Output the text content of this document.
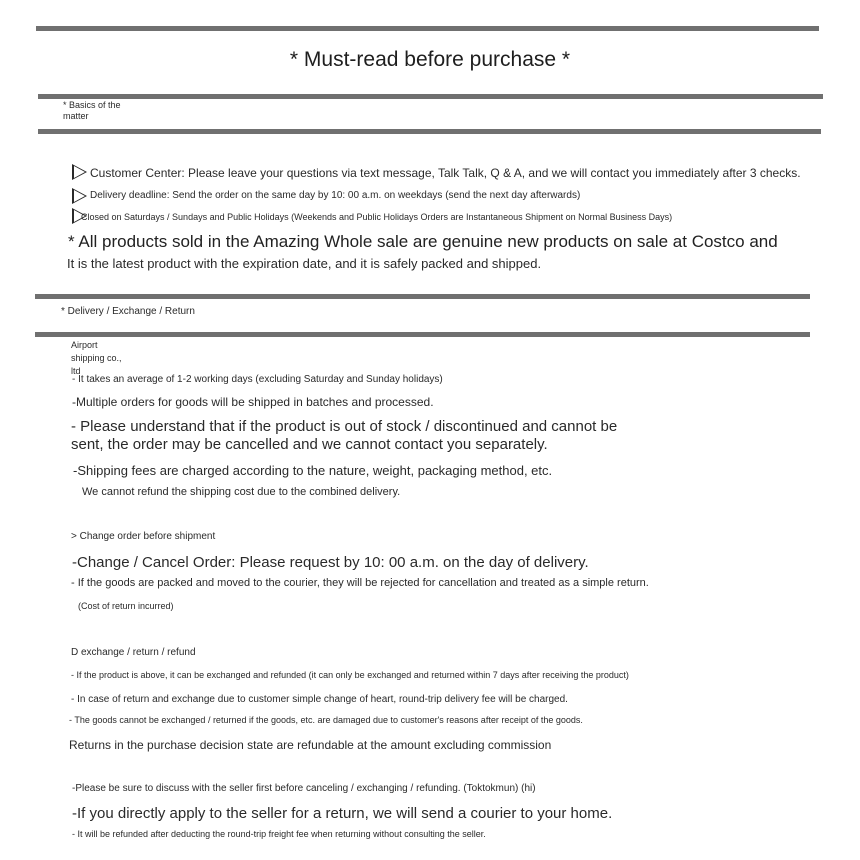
* Must-read before purchase *
* Basics of the matter
Customer Center: Please leave your questions via text message, Talk Talk, Q & A, and we will contact you immediately after 3 checks.
Delivery deadline: Send the order on the same day by 10: 00 a.m. on weekdays (send the next day afterwards)
Closed on Saturdays / Sundays and Public Holidays (Weekends and Public Holidays Orders are Instantaneous Shipment on Normal Business Days)
* All products sold in the Amazing Whole sale are genuine new products on sale at Costco and
It is the latest product with the expiration date, and it is safely packed and shipped.
* Delivery / Exchange / Return
Airport shipping co., ltd
- It takes an average of 1-2 working days (excluding Saturday and Sunday holidays)
-Multiple orders for goods will be shipped in batches and processed.
- Please understand that if the product is out of stock / discontinued and cannot be
sent, the order may be cancelled and we cannot contact you separately.
-Shipping fees are charged according to the nature, weight, packaging method, etc.
We cannot refund the shipping cost due to the combined delivery.
> Change order before shipment
-Change / Cancel Order: Please request by 10: 00 a.m. on the day of delivery.
- If the goods are packed and moved to the courier, they will be rejected for cancellation and treated as a simple return.
(Cost of return incurred)
D exchange / return / refund
- If the product is above, it can be exchanged and refunded (it can only be exchanged and returned within 7 days after receiving the product)
- In case of return and exchange due to customer simple change of heart, round-trip delivery fee will be charged.
- The goods cannot be exchanged / returned if the goods, etc. are damaged due to customer's reasons after receipt of the goods.
Returns in the purchase decision state are refundable at the amount excluding commission
-Please be sure to discuss with the seller first before canceling / exchanging / refunding. (Toktokmun) (hi)
-If you directly apply to the seller for a return, we will send a courier to your home.
- It will be refunded after deducting the round-trip freight fee when returning without consulting the seller.
